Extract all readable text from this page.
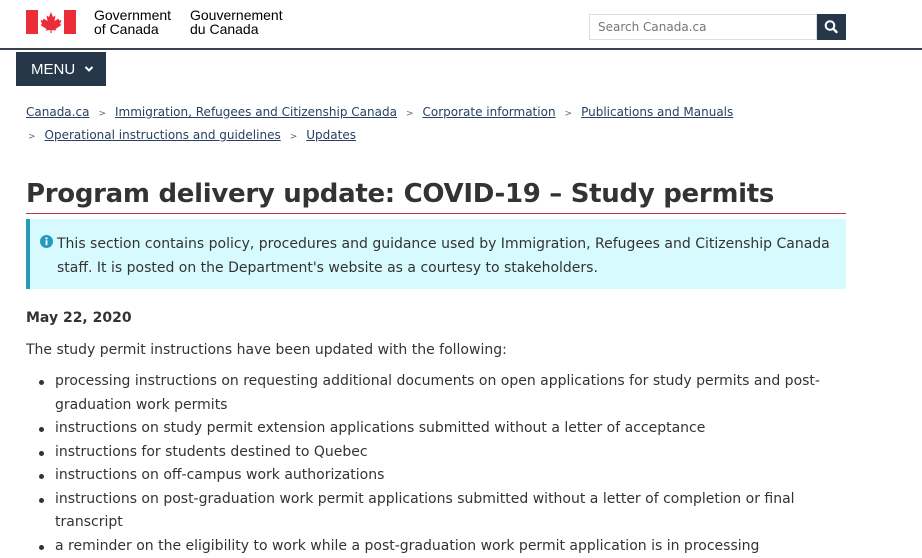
Government
of Canada
Gouvernement
du Canada
Search Canada.ca
MENU
Canada.ca > Immigration, Refugees and Citizenship Canada > Corporate information > Publications and Manuals
> Operational instructions and guidelines > Updates
Program delivery update: COVID-19 – Study permits

This section contains policy, procedures and guidance used by Immigration, Refugees and Citizenship Canada staff. It is posted on the Department's website as a courtesy to stakeholders.

May 22, 2020

The study permit instructions have been updated with the following:

processing instructions on requesting additional documents on open applications for study permits and post-graduation work permits
instructions on study permit extension applications submitted without a letter of acceptance
instructions for students destined to Quebec
instructions on off-campus work authorizations
instructions on post-graduation work permit applications submitted without a letter of completion or final transcript
a reminder on the eligibility to work while a post-graduation work permit application is in processing
